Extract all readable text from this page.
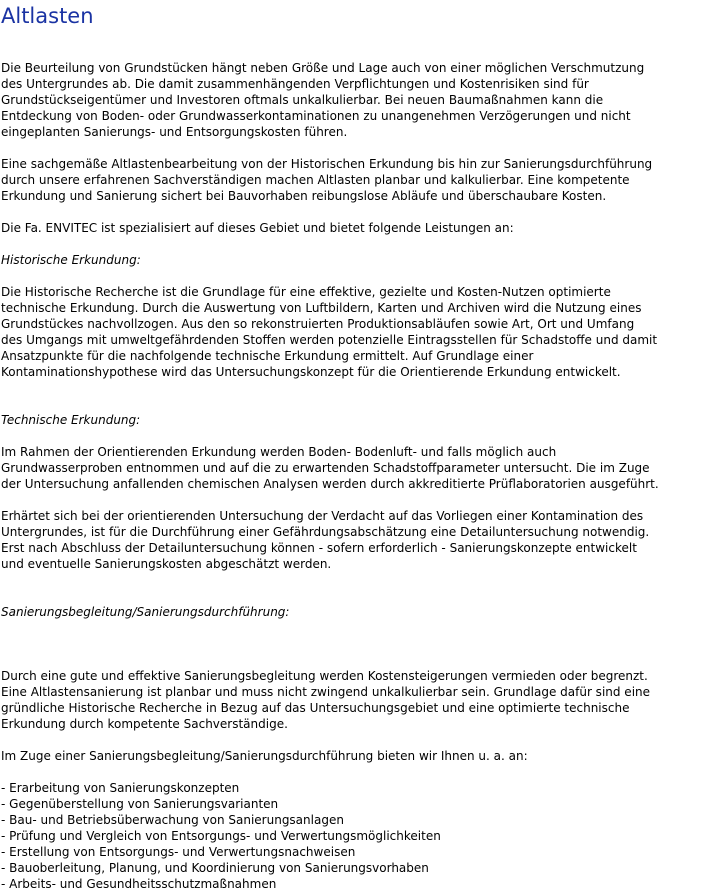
Altlasten

Die Beurteilung von Grundstücken hängt neben Größe und Lage auch von einer möglichen Verschmutzung
des Untergrundes ab. Die damit zusammenhängenden Verpflichtungen und Kostenrisiken sind für
Grundstückseigentümer und Investoren oftmals unkalkulierbar. Bei neuen Baumaßnahmen kann die
Entdeckung von Boden- oder Grundwasserkontaminationen zu unangenehmen Verzögerungen und nicht
eingeplanten Sanierungs- und Entsorgungskosten führen.

Eine sachgemäße Altlastenbearbeitung von der Historischen Erkundung bis hin zur Sanierungsdurchführung
durch unsere erfahrenen Sachverständigen machen Altlasten planbar und kalkulierbar. Eine kompetente
Erkundung und Sanierung sichert bei Bauvorhaben reibungslose Abläufe und überschaubare Kosten.

Die Fa. ENVITEC ist spezialisiert auf dieses Gebiet und bietet folgende Leistungen an:

Historische Erkundung:

Die Historische Recherche ist die Grundlage für eine effektive, gezielte und Kosten-Nutzen optimierte
technische Erkundung. Durch die Auswertung von Luftbildern, Karten und Archiven wird die Nutzung eines
Grundstückes nachvollzogen. Aus den so rekonstruierten Produktionsabläufen sowie Art, Ort und Umfang
des Umgangs mit umweltgefährdenden Stoffen werden potenzielle Eintragsstellen für Schadstoffe und damit
Ansatzpunkte für die nachfolgende technische Erkundung ermittelt. Auf Grundlage einer
Kontaminationshypothese wird das Untersuchungskonzept für die Orientierende Erkundung entwickelt.

Technische Erkundung:

Im Rahmen der Orientierenden Erkundung werden Boden- Bodenluft- und falls möglich auch
Grundwasserproben entnommen und auf die zu erwartenden Schadstoffparameter untersucht. Die im Zuge
der Untersuchung anfallenden chemischen Analysen werden durch akkreditierte Prüflaboratorien ausgeführt.

Erhärtet sich bei der orientierenden Untersuchung der Verdacht auf das Vorliegen einer Kontamination des
Untergrundes, ist für die Durchführung einer Gefährdungsabschätzung eine Detailuntersuchung notwendig.
Erst nach Abschluss der Detailuntersuchung können - sofern erforderlich - Sanierungskonzepte entwickelt
und eventuelle Sanierungskosten abgeschätzt werden.

Sanierungsbegleitung/Sanierungsdurchführung:

Durch eine gute und effektive Sanierungsbegleitung werden Kostensteigerungen vermieden oder begrenzt.
Eine Altlastensanierung ist planbar und muss nicht zwingend unkalkulierbar sein. Grundlage dafür sind eine
gründliche Historische Recherche in Bezug auf das Untersuchungsgebiet und eine optimierte technische
Erkundung durch kompetente Sachverständige.

Im Zuge einer Sanierungsbegleitung/Sanierungsdurchführung bieten wir Ihnen u. a. an:

- Erarbeitung von Sanierungskonzepten
- Gegenüberstellung von Sanierungsvarianten
- Bau- und Betriebsüberwachung von Sanierungsanlagen
- Prüfung und Vergleich von Entsorgungs- und Verwertungsmöglichkeiten
- Erstellung von Entsorgungs- und Verwertungsnachweisen
- Bauoberleitung, Planung, und Koordinierung von Sanierungsvorhaben
- Arbeits- und Gesundheitsschutzmaßnahmen
